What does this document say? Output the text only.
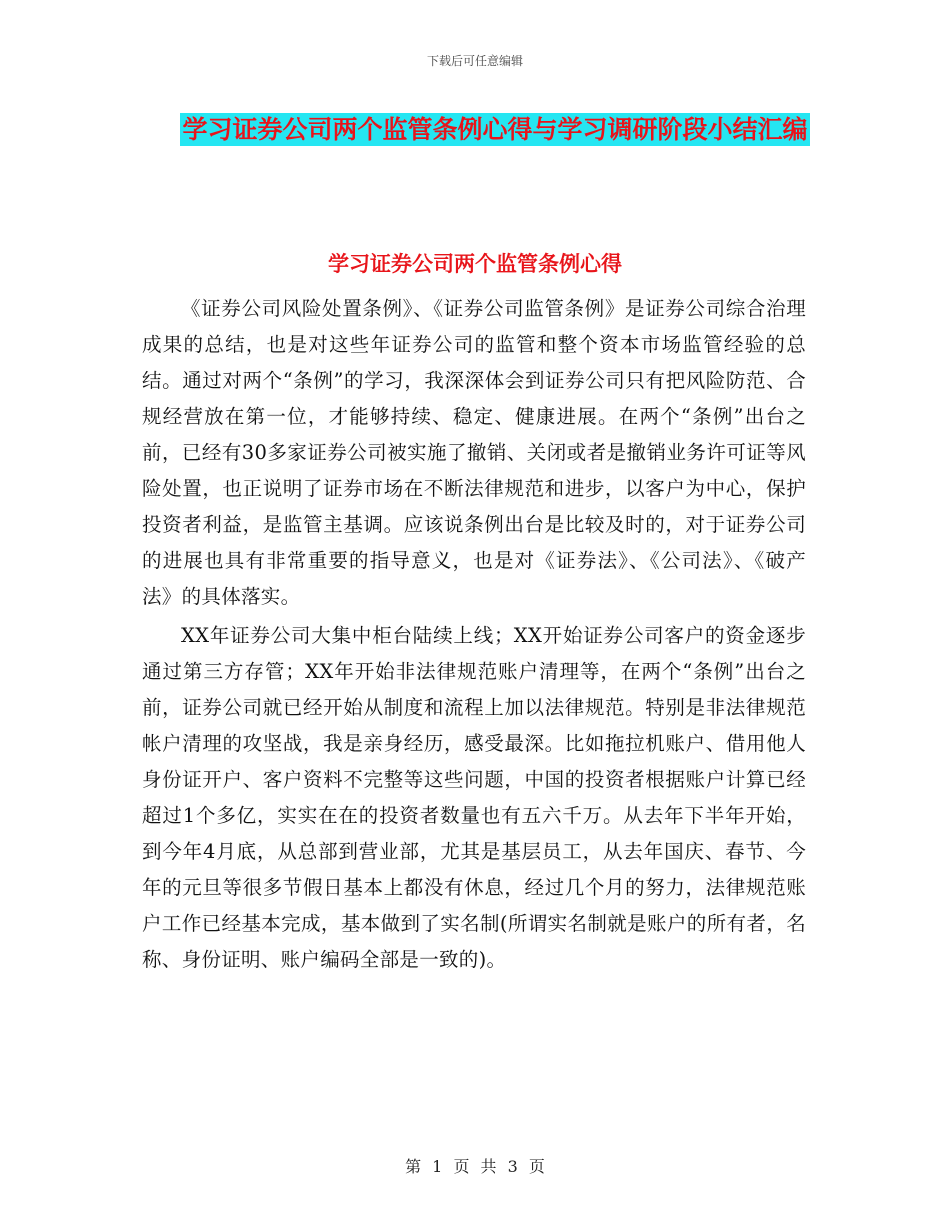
下载后可任意编辑
学习证券公司两个监管条例心得与学习调研阶段小结汇编
学习证券公司两个监管条例心得

《证券公司风险处置条例》、《证券公司监管条例》是证券公司综合治理成果的总结，也是对这些年证券公司的监管和整个资本市场监管经验的总结。通过对两个“条例”的学习，我深深体会到证券公司只有把风险防范、合规经营放在第一位，才能够持续、稳定、健康进展。在两个“条例”出台之前，已经有30多家证券公司被实施了撤销、关闭或者是撤销业务许可证等风险处置，也正说明了证券市场在不断法律规范和进步，以客户为中心，保护投资者利益，是监管主基调。应该说条例出台是比较及时的，对于证券公司的进展也具有非常重要的指导意义，也是对《证券法》、《公司法》、《破产法》的具体落实。

XX年证券公司大集中柜台陆续上线；XX开始证券公司客户的资金逐步通过第三方存管；XX年开始非法律规范账户清理等，在两个“条例”出台之前，证券公司就已经开始从制度和流程上加以法律规范。特别是非法律规范帐户清理的攻坚战，我是亲身经历，感受最深。比如拖拉机账户、借用他人身份证开户、客户资料不完整等这些问题，中国的投资者根据账户计算已经超过1个多亿，实实在在的投资者数量也有五六千万。从去年下半年开始，到今年4月底，从总部到营业部，尤其是基层员工，从去年国庆、春节、今年的元旦等很多节假日基本上都没有休息，经过几个月的努力，法律规范账户工作已经基本完成，基本做到了实名制(所谓实名制就是账户的所有者，名称、身份证明、账户编码全部是一致的)。

第 1 页 共 3 页
